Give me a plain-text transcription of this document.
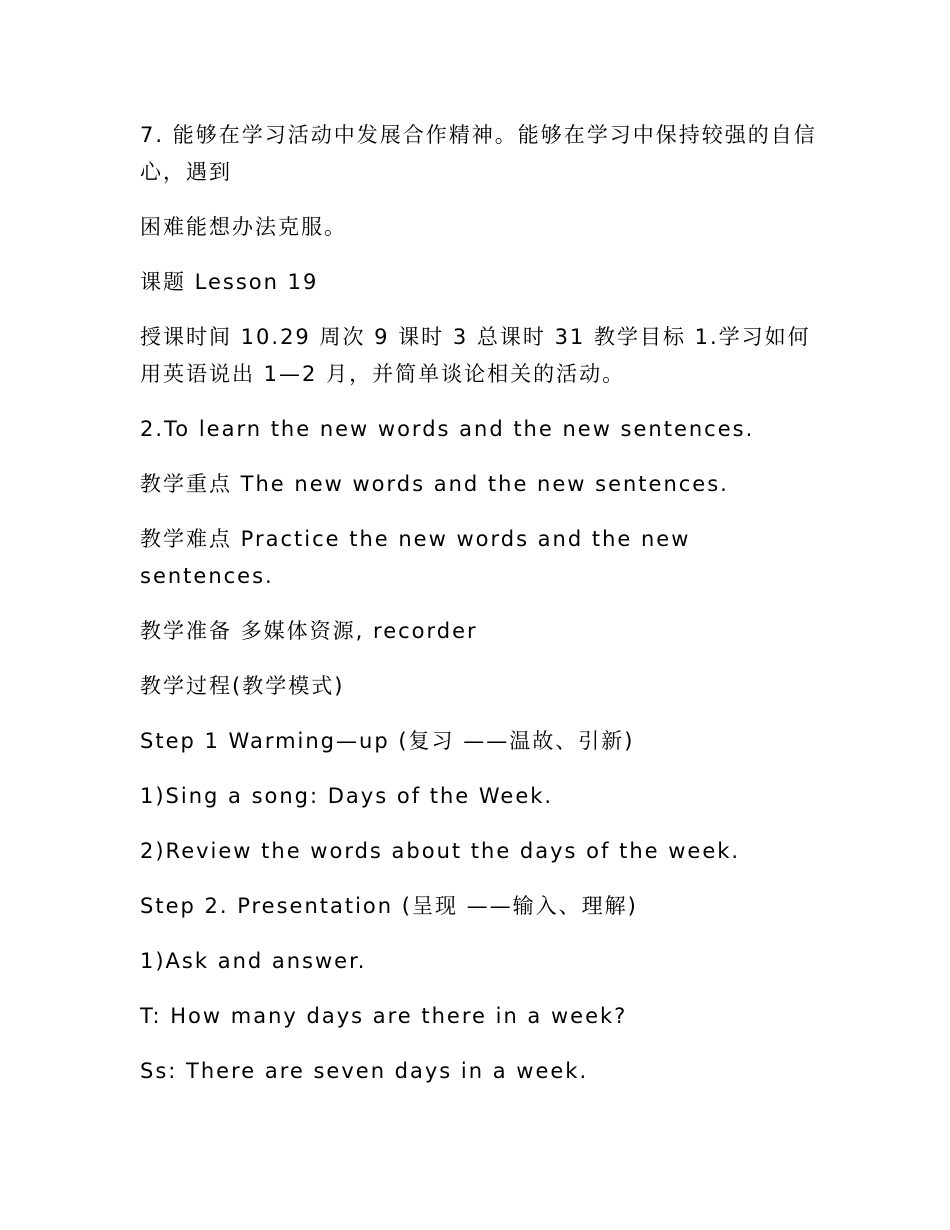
7. 能够在学习活动中发展合作精神。能够在学习中保持较强的自信心，遇到

困难能想办法克服。

课题 Lesson 19

授课时间 10.29 周次 9 课时 3 总课时 31 教学目标 1.学习如何用英语说出 1—2 月，并简单谈论相关的活动。

2.To learn the new words and the new sentences.

教学重点 The new words and the new sentences.

教学难点 Practice the new words and the new sentences.

教学准备 多媒体资源, recorder

教学过程(教学模式)

Step 1 Warming—up (复习 ——温故、引新)

1)Sing a song: Days of the Week.

2)Review the words about the days of the week.

Step 2. Presentation (呈现 ——输入、理解)

1)Ask and answer.

T: How many days are there in a week?

Ss: There are seven days in a week.
